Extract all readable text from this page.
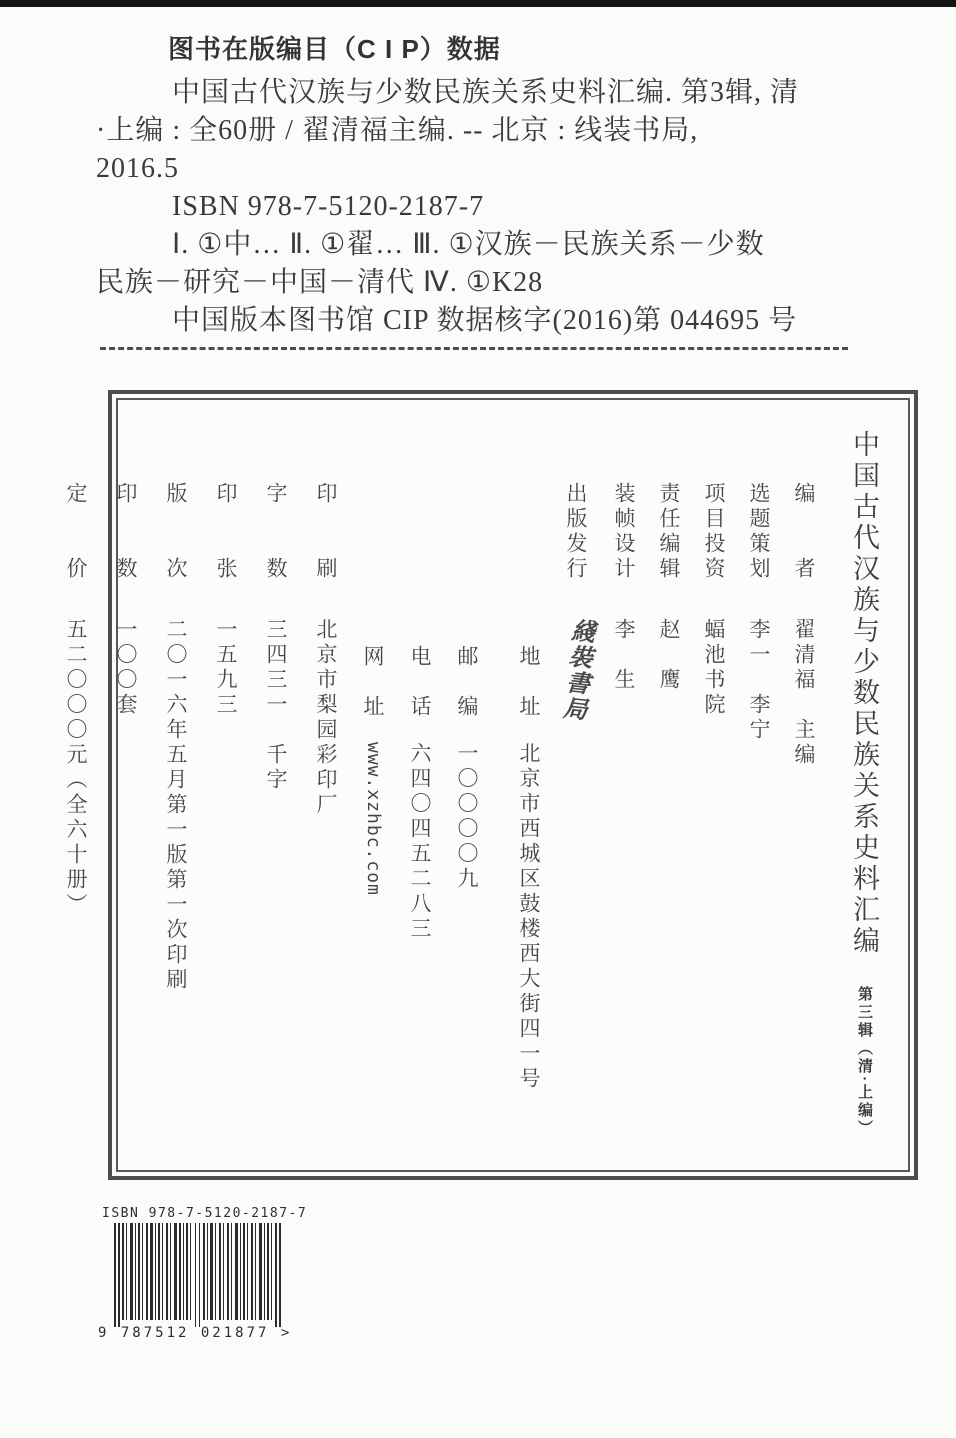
图书在版编目（C I P）数据
中国古代汉族与少数民族关系史料汇编. 第3辑, 清
·上编 : 全60册 / 翟清福主编. -- 北京 : 线装书局,
2016.5
ISBN 978-7-5120-2187-7
Ⅰ. ①中… Ⅱ. ①翟… Ⅲ. ①汉族－民族关系－少数
民族－研究－中国－清代 Ⅳ. ①K28
中国版本图书馆 CIP 数据核字(2016)第 044695 号
中国古代汉族与少数民族关系史料汇编 第三辑（清·上编）
编　　者翟清福　主编
选题策划李一　李宁
项目投资蝠池书院
责任编辑赵　鹰
装帧设计李　生
出版发行綫裝書局
地　址北京市西城区鼓楼西大街四一号
邮　编一〇〇〇〇九
电　话六四〇四五二八三
网　址www.xzhbc.com
印　　刷北京市梨园彩印厂
字　　数三四三一　千字
印　　张一五九三
版　　次二〇一六年五月第一版第一次印刷
印　　数一〇〇套
定　　价五二〇〇〇元（全六十册）
ISBN 978-7-5120-2187-7
9 787512 021877 >
